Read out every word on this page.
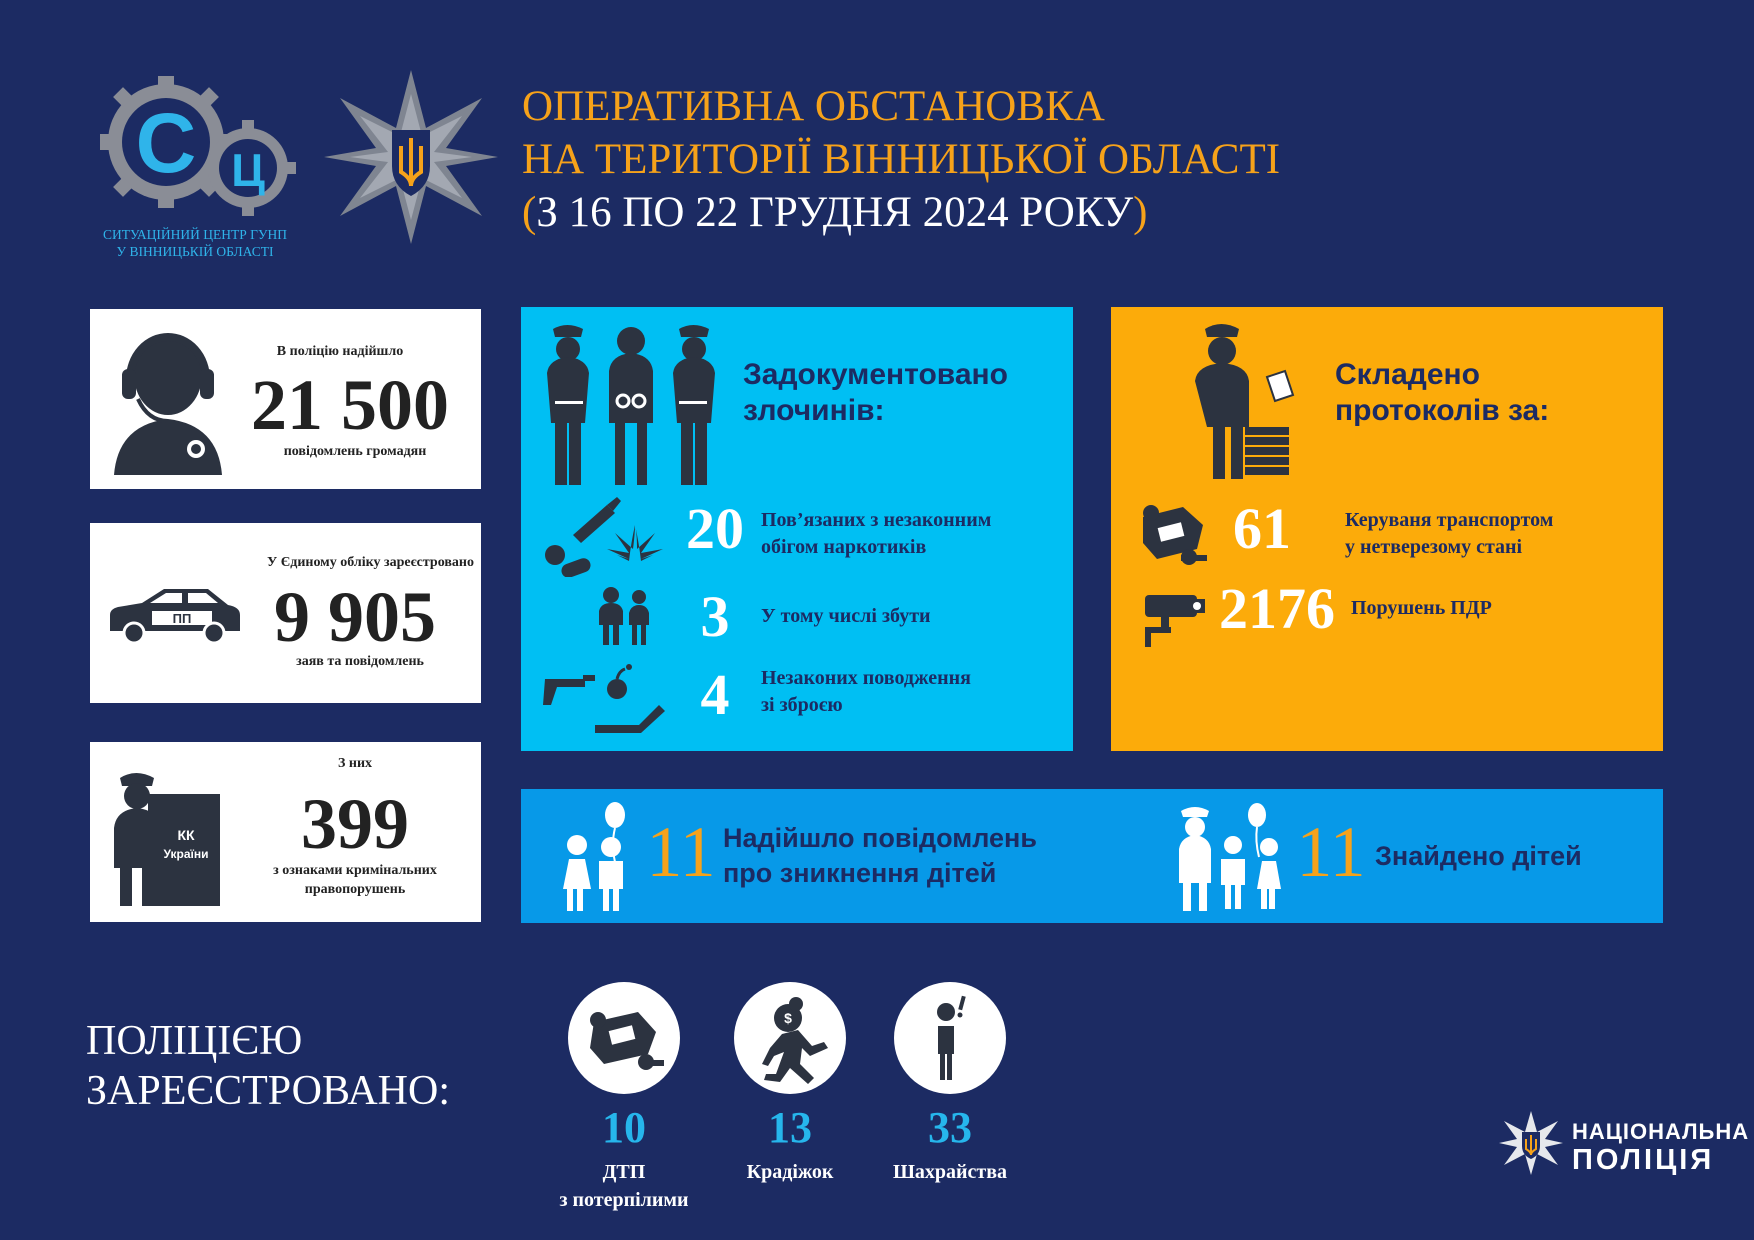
С Ц
СИТУАЦІЙНИЙ ЦЕНТР ГУНП
У ВІННИЦЬКІЙ ОБЛАСТІ
ОПЕРАТИВНА ОБСТАНОВКА
НА ТЕРИТОРІЇ ВІННИЦЬКОЇ ОБЛАСТІ
(З 16 ПО 22 ГРУДНЯ 2024 РОКУ)
В поліцію надійшло
21 500
повідомлень громадян
У Єдиному обліку зареєстровано
ПП	9 905
заяв та повідомлень
З них
КК
України	399
з ознаками кримінальних
правопорушень
Задокументовано
злочинів:
20 Пов’язаних з незаконним
обігом наркотиків
3	У тому числі збути
4	Незаконих поводження
зі зброєю
Складено
протоколів за:
61	Керуваня транспортом
у нетверезому стані
2176 Порушень ПДР
11 Надійшло повідомлень
про зникнення дітей	11 Знайдено дітей
ПОЛІЦІЄЮ
ЗАРЕЄСТРОВАНО:
10
ДТП
з потерпілими
$
13
Крадіжок
33
Шахрайства
НАЦІОНАЛЬНА
ПОЛІЦІЯ
